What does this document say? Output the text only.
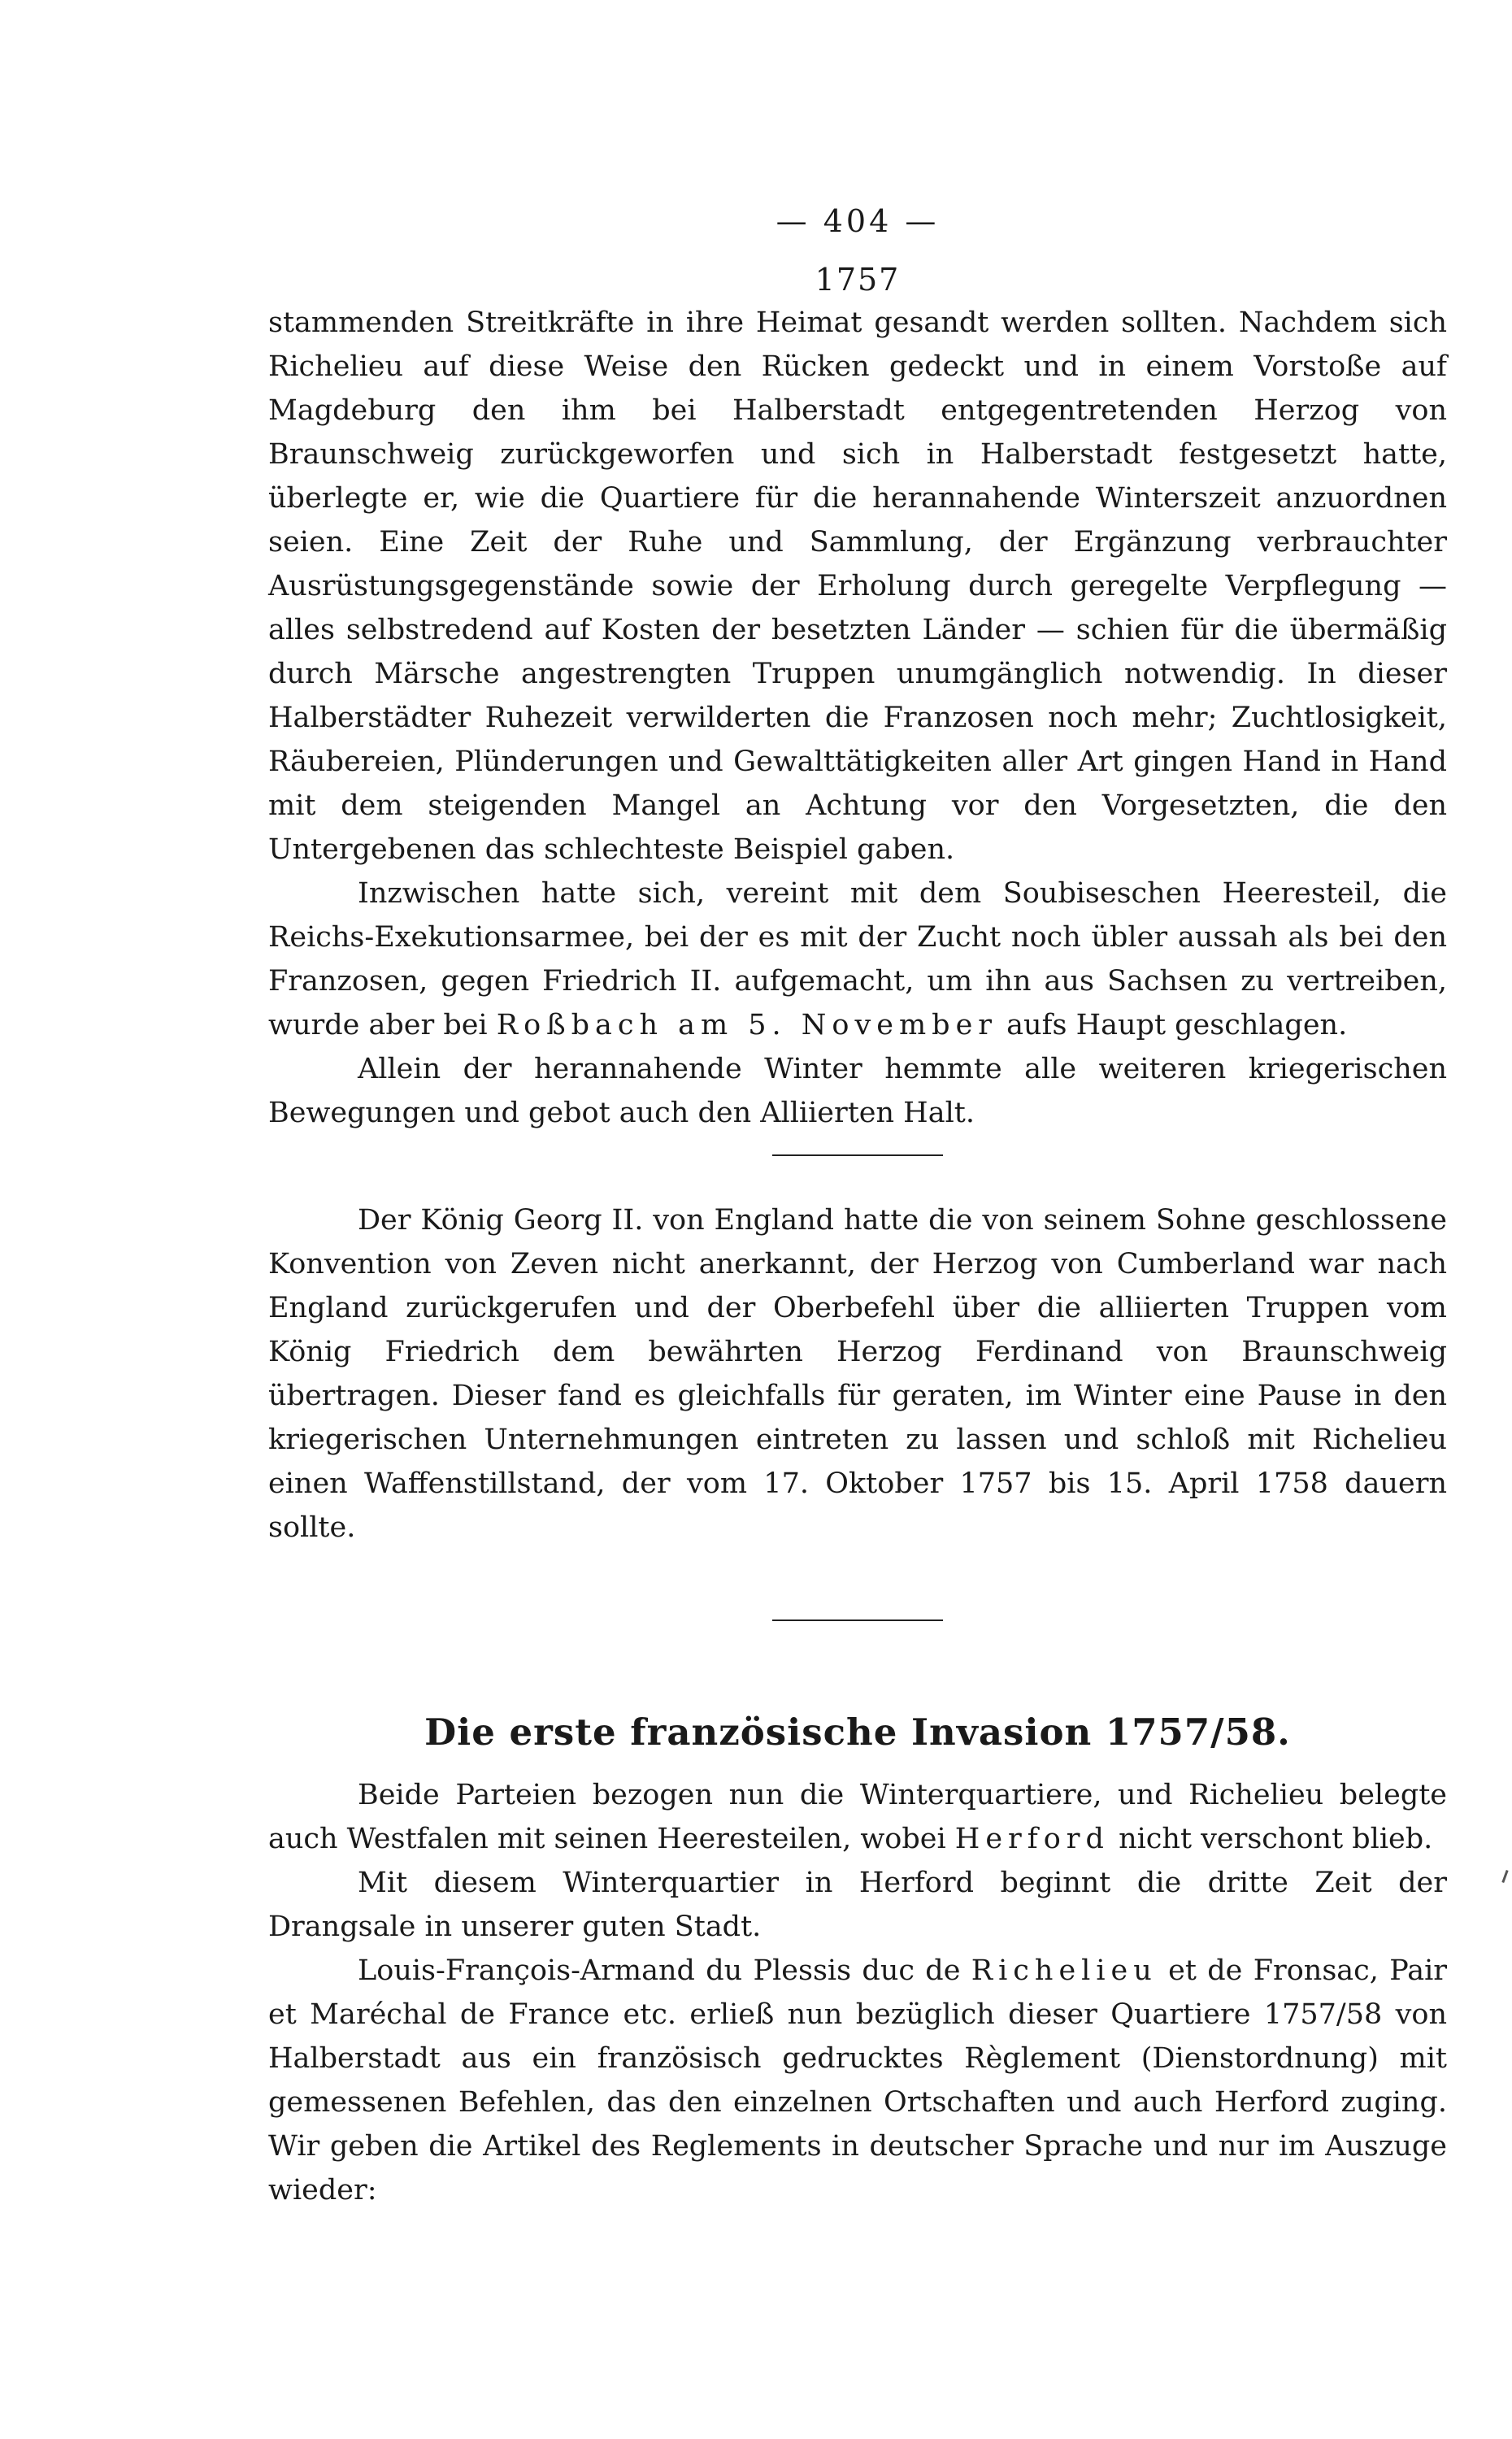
— 404 —
1757

stammenden Streitkräfte in ihre Heimat gesandt werden sollten. Nachdem sich Richelieu auf diese Weise den Rücken gedeckt und in einem Vorstoße auf Magdeburg den ihm bei Halberstadt entgegentretenden Herzog von Braunschweig zurückgeworfen und sich in Halberstadt festgesetzt hatte, überlegte er, wie die Quartiere für die herannahende Winterszeit anzuordnen seien. Eine Zeit der Ruhe und Sammlung, der Ergänzung verbrauchter Ausrüstungsgegenstände sowie der Erholung durch geregelte Verpflegung — alles selbstredend auf Kosten der besetzten Länder — schien für die übermäßig durch Märsche angestrengten Truppen unumgänglich notwendig. In dieser Halberstädter Ruhezeit verwilderten die Franzosen noch mehr; Zuchtlosigkeit, Räubereien, Plünderungen und Gewalttätigkeiten aller Art gingen Hand in Hand mit dem steigenden Mangel an Achtung vor den Vorgesetzten, die den Untergebenen das schlechteste Beispiel gaben.

Inzwischen hatte sich, vereint mit dem Soubiseschen Heeresteil, die Reichs-Exekutionsarmee, bei der es mit der Zucht noch übler aussah als bei den Franzosen, gegen Friedrich II. aufgemacht, um ihn aus Sachsen zu vertreiben, wurde aber bei Roßbach am 5. November aufs Haupt geschlagen.

Allein der herannahende Winter hemmte alle weiteren kriegerischen Bewegungen und gebot auch den Alliierten Halt.

Der König Georg II. von England hatte die von seinem Sohne geschlossene Konvention von Zeven nicht anerkannt, der Herzog von Cumberland war nach England zurückgerufen und der Oberbefehl über die alliierten Truppen vom König Friedrich dem bewährten Herzog Ferdinand von Braunschweig übertragen. Dieser fand es gleichfalls für geraten, im Winter eine Pause in den kriegerischen Unternehmungen eintreten zu lassen und schloß mit Richelieu einen Waffenstillstand, der vom 17. Oktober 1757 bis 15. April 1758 dauern sollte.

Die erste französische Invasion 1757/58.

Beide Parteien bezogen nun die Winterquartiere, und Richelieu belegte auch Westfalen mit seinen Heeresteilen, wobei Herford nicht verschont blieb.

Mit diesem Winterquartier in Herford beginnt die dritte Zeit der Drangsale in unserer guten Stadt.

Louis-François-Armand du Plessis duc de Richelieu et de Fronsac, Pair et Maréchal de France etc. erließ nun bezüglich dieser Quartiere 1757/58 von Halberstadt aus ein französisch gedrucktes Règlement (Dienstordnung) mit gemessenen Befehlen, das den einzelnen Ortschaften und auch Herford zuging. Wir geben die Artikel des Reglements in deutscher Sprache und nur im Auszuge wieder:
